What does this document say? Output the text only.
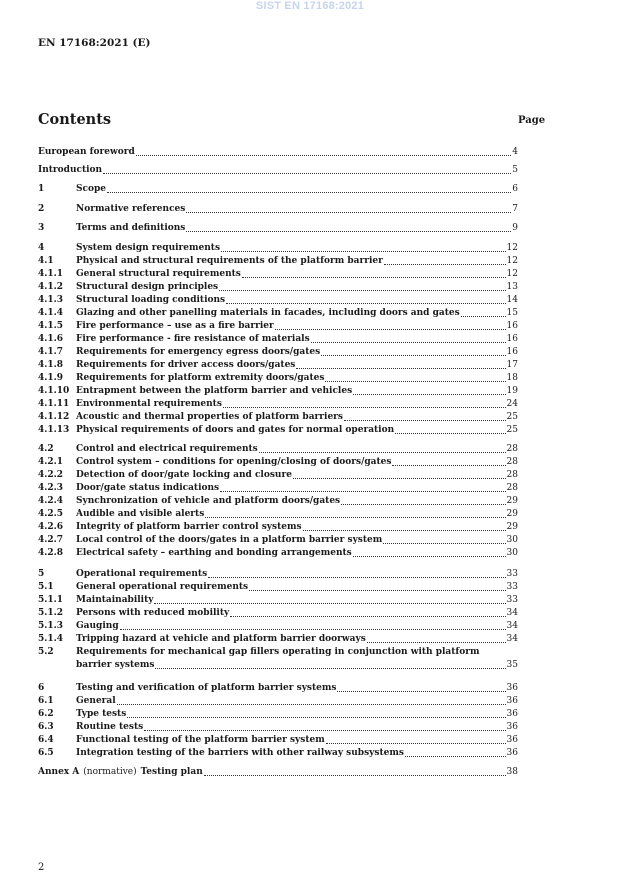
SIST EN 17168:2021
EN 17168:2021 (E)
Contents	Page
European foreword	4
Introduction	5
1	Scope	6
2	Normative references	7
3	Terms and definitions	9
4	System design requirements	12
4.1	Physical and structural requirements of the platform barrier	12
4.1.1	General structural requirements	12
4.1.2	Structural design principles	13
4.1.3	Structural loading conditions	14
4.1.4	Glazing and other panelling materials in facades, including doors and gates	15
4.1.5	Fire performance – use as a fire barrier	16
4.1.6	Fire performance - fire resistance of materials	16
4.1.7	Requirements for emergency egress doors/gates	16
4.1.8	Requirements for driver access doors/gates	17
4.1.9	Requirements for platform extremity doors/gates	18
4.1.10 Entrapment between the platform barrier and vehicles	19
4.1.11 Environmental requirements	24
4.1.12 Acoustic and thermal properties of platform barriers	25
4.1.13 Physical requirements of doors and gates for normal operation	25
4.2	Control and electrical requirements	28
4.2.1	Control system – conditions for opening/closing of doors/gates	28
4.2.2	Detection of door/gate locking and closure	28
4.2.3	Door/gate status indications	28
4.2.4	Synchronization of vehicle and platform doors/gates	29
4.2.5	Audible and visible alerts	29
4.2.6	Integrity of platform barrier control systems	29
4.2.7	Local control of the doors/gates in a platform barrier system	30
4.2.8	Electrical safety – earthing and bonding arrangements	30
5	Operational requirements	33
5.1	General operational requirements	33
5.1.1	Maintainability	33
5.1.2	Persons with reduced mobility	34
5.1.3	Gauging	34
5.1.4	Tripping hazard at vehicle and platform barrier doorways	34
5.2	Requirements for mechanical gap fillers operating in conjunction with platform
barrier systems	35
6	Testing and verification of platform barrier systems	36
6.1	General	36
6.2	Type tests	36
6.3	Routine tests	36
6.4	Functional testing of the platform barrier system	36
6.5	Integration testing of the barriers with other railway subsystems	36
Annex A (normative) Testing plan	38
2
